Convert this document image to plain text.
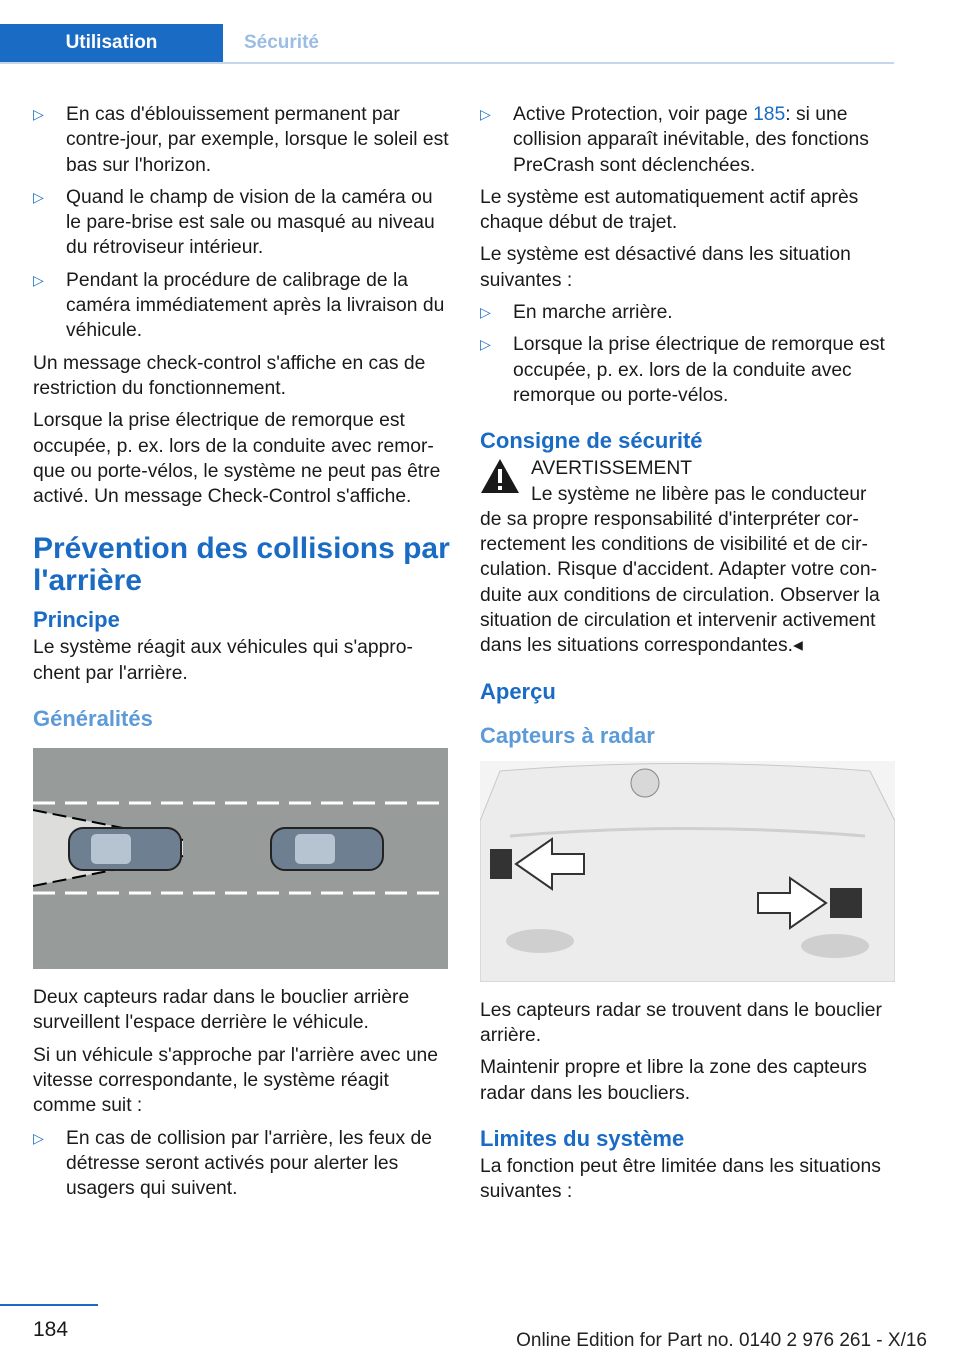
Utilisation	Sécurité
▷ En cas d'éblouissement permanent par contre-jour, par exemple, lorsque le soleil est bas sur l'horizon.
▷ Quand le champ de vision de la caméra ou le pare-brise est sale ou masqué au niveau du rétroviseur intérieur.
▷ Pendant la procédure de calibrage de la caméra immédiatement après la livraison du véhicule.

Un message check-control s'affiche en cas de restriction du fonctionnement.

Lorsque la prise électrique de remorque est occupée, p. ex. lors de la conduite avec remorque ou porte-vélos, le système ne peut pas être activé. Un message Check-Control s'affiche.

Prévention des collisions par l'arrière
Principe

Le système réagit aux véhicules qui s'approchent par l'arrière.

Généralités

Deux capteurs radar dans le bouclier arrière surveillent l'espace derrière le véhicule.

Si un véhicule s'approche par l'arrière avec une vitesse correspondante, le système réagit comme suit :

▷ En cas de collision par l'arrière, les feux de détresse seront activés pour alerter les usagers qui suivent.
▷ Active Protection, voir page 185: si une collision apparaît inévitable, des fonctions PreCrash sont déclenchées.

Le système est automatiquement actif après chaque début de trajet.

Le système est désactivé dans les situation suivantes :

▷ En marche arrière.
▷ Lorsque la prise électrique de remorque est occupée, p. ex. lors de la conduite avec remorque ou porte-vélos.
Consigne de sécurité
AVERTISSEMENT
Le système ne libère pas le conducteur

de sa propre responsabilité d'interpréter correctement les conditions de visibilité et de circulation. Risque d'accident. Adapter votre conduite aux conditions de circulation. Observer la situation de circulation et intervenir activement dans les situations correspondantes.◂

Aperçu
Capteurs à radar

Les capteurs radar se trouvent dans le bouclier arrière.

Maintenir propre et libre la zone des capteurs radar dans les boucliers.

Limites du système

La fonction peut être limitée dans les situations suivantes :

184	Online Edition for Part no. 0140 2 976 261 - X/16
